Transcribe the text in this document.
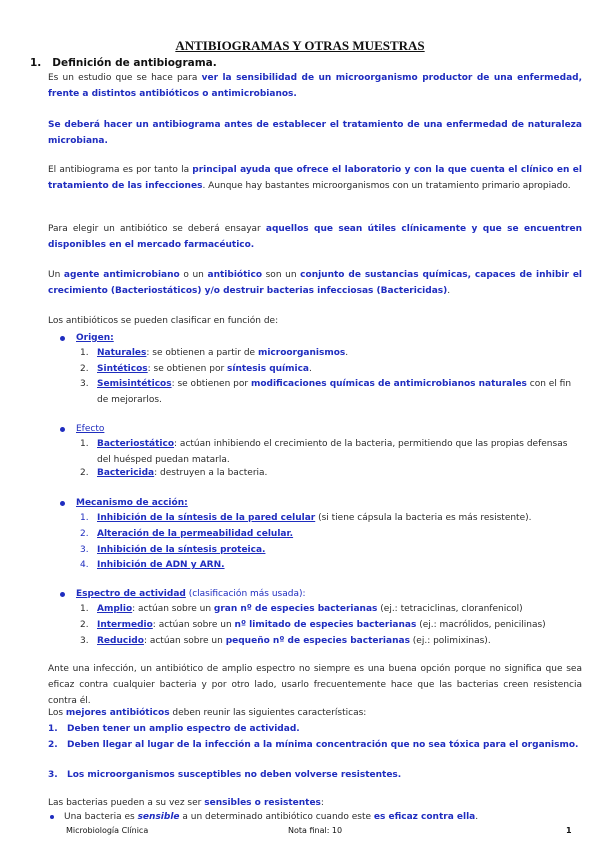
ANTIBIOGRAMAS Y OTRAS MUESTRAS
1. Definición de antibiograma.
Es un estudio que se hace para ver la sensibilidad de un microorganismo productor de una enfermedad, frente a distintos antibióticos o antimicrobianos.
Se deberá hacer un antibiograma antes de establecer el tratamiento de una enfermedad de naturaleza microbiana.
El antibiograma es por tanto la principal ayuda que ofrece el laboratorio y con la que cuenta el clínico en el tratamiento de las infecciones. Aunque hay bastantes microorganismos con un tratamiento primario apropiado.
Para elegir un antibiótico se deberá ensayar aquellos que sean útiles clínicamente y que se encuentren disponibles en el mercado farmacéutico.
Un agente antimicrobiano o un antibiótico son un conjunto de sustancias químicas, capaces de inhibir el crecimiento (Bacteriostáticos) y/o destruir bacterias infecciosas (Bactericidas).
Los antibióticos se pueden clasificar en función de:
Origen:
1. Naturales: se obtienen a partir de microorganismos.
2. Sintéticos: se obtienen por síntesis química.
3. Semisintéticos: se obtienen por modificaciones químicas de antimicrobianos naturales con el fin de mejorarlos.
Efecto
1. Bacteriostático: actúan inhibiendo el crecimiento de la bacteria, permitiendo que las propias defensas del huésped puedan matarla.
2. Bactericida: destruyen a la bacteria.
Mecanismo de acción:
1. Inhibición de la síntesis de la pared celular (si tiene cápsula la bacteria es más resistente).
2. Alteración de la permeabilidad celular.
3. Inhibición de la síntesis proteica.
4. Inhibición de ADN y ARN.
Espectro de actividad (clasificación más usada):
1. Amplio: actúan sobre un gran nº de especies bacterianas (ej.: tetraciclinas, cloranfenicol)
2. Intermedio: actúan sobre un nº limitado de especies bacterianas (ej.: macrólidos, penicilinas)
3. Reducido: actúan sobre un pequeño nº de especies bacterianas (ej.: polimixinas).
Ante una infección, un antibiótico de amplio espectro no siempre es una buena opción porque no significa que sea eficaz contra cualquier bacteria y por otro lado, usarlo frecuentemente hace que las bacterias creen resistencia contra él.
Los mejores antibióticos deben reunir las siguientes características:
1. Deben tener un amplio espectro de actividad.
2. Deben llegar al lugar de la infección a la mínima concentración que no sea tóxica para el organismo.
3. Los microorganismos susceptibles no deben volverse resistentes.
Las bacterias pueden a su vez ser sensibles o resistentes:
Una bacteria es sensible a un determinado antibiótico cuando este es eficaz contra ella.
Microbiología Clínica	Nota final: 10	1
